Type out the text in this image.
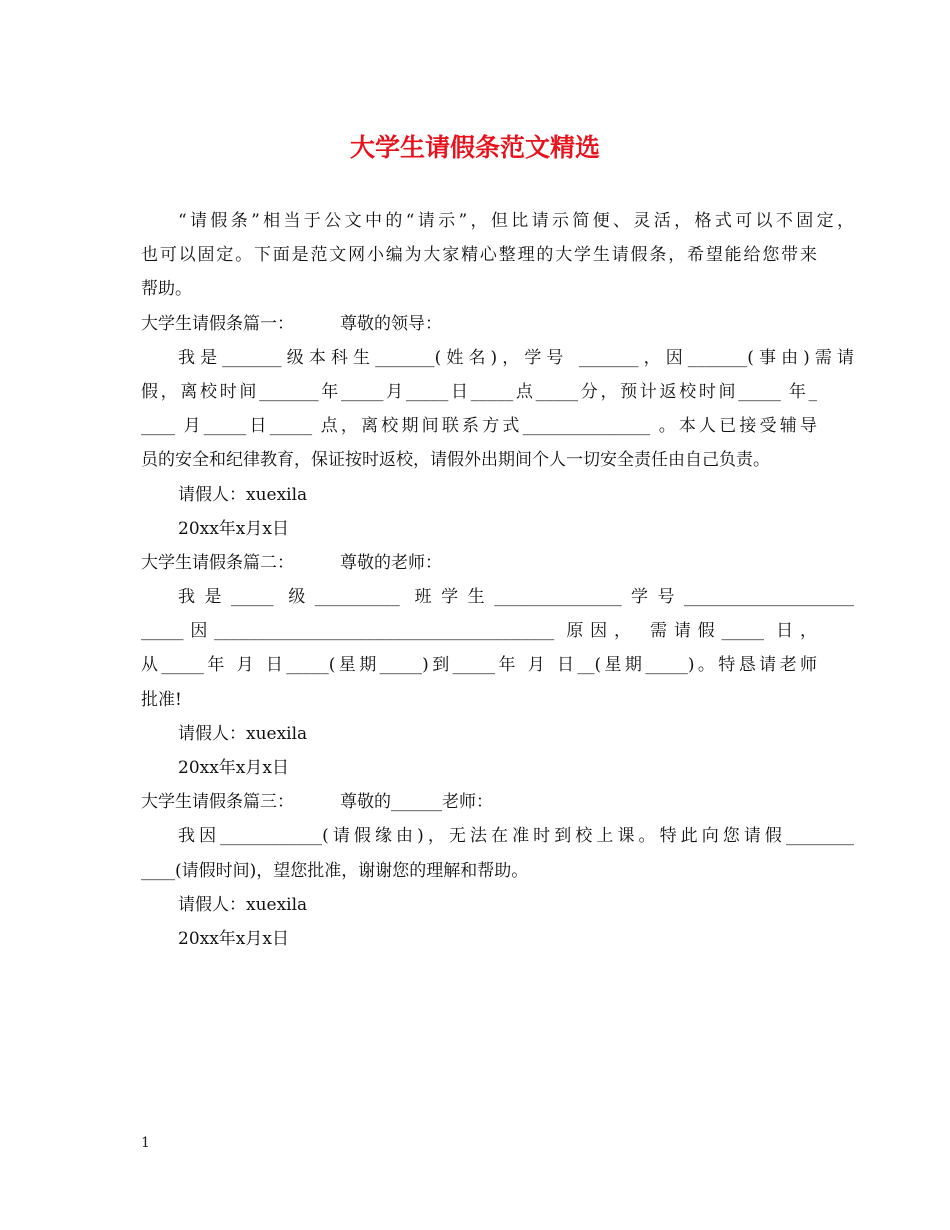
大学生请假条范文精选
“请假条”相当于公文中的“请示”，但比请示简便、灵活，格式可以不固定，
也可以固定。下面是范文网小编为大家精心整理的大学生请假条，希望能给您带来
帮助。
大学生请假条篇一：	尊敬的领导：
我是_______级本科生_______(姓名)，学号 _______，因_______(事由)需请
假，离校时间_______年_____月_____日_____点_____分，预计返校时间_____ 年_
____ 月_____日_____ 点，离校期间联系方式_______________ 。本人已接受辅导
员的安全和纪律教育，保证按时返校，请假外出期间个人一切安全责任由自己负责。
请假人：xuexila
20xx年x月x日
大学生请假条篇二：	尊敬的老师：
我是_____ 级__________ 班学生_______________学号____________________
_____因________________________________________ 原因， 需请假_____ 日，
从_____年 月 日_____(星期_____)到_____年 月 日__(星期_____)。特恳请老师
批准!
请假人：xuexila
20xx年x月x日
大学生请假条篇三：	尊敬的______老师：
我因____________(请假缘由)，无法在准时到校上课。特此向您请假________
____(请假时间)，望您批准，谢谢您的理解和帮助。
请假人：xuexila
20xx年x月x日
1
